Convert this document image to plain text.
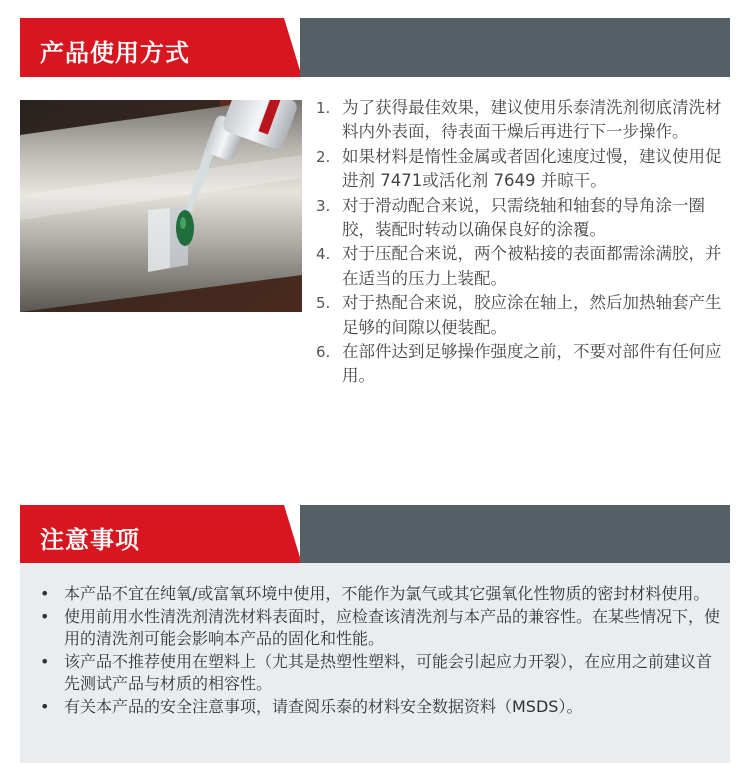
产品使用方式
1. 为了获得最佳效果，建议使用乐泰清洗剂彻底清洗材料内外表面，待表面干燥后再进行下一步操作。
2. 如果材料是惰性金属或者固化速度过慢，建议使用促进剂 7471或活化剂 7649 并晾干。
3. 对于滑动配合来说，只需绕轴和轴套的导角涂一圈胶，装配时转动以确保良好的涂覆。
4. 对于压配合来说，两个被粘接的表面都需涂满胶，并在适当的压力上装配。
5. 对于热配合来说，胶应涂在轴上，然后加热轴套产生足够的间隙以便装配。
6. 在部件达到足够操作强度之前，不要对部件有任何应用。
注意事项
• 本产品不宜在纯氧/或富氧环境中使用，不能作为氯气或其它强氧化性物质的密封材料使用。
• 使用前用水性清洗剂清洗材料表面时，应检查该清洗剂与本产品的兼容性。在某些情况下，使用的清洗剂可能会影响本产品的固化和性能。
• 该产品不推荐使用在塑料上（尤其是热塑性塑料，可能会引起应力开裂），在应用之前建议首先测试产品与材质的相容性。
• 有关本产品的安全注意事项，请查阅乐泰的材料安全数据资料（MSDS）。
